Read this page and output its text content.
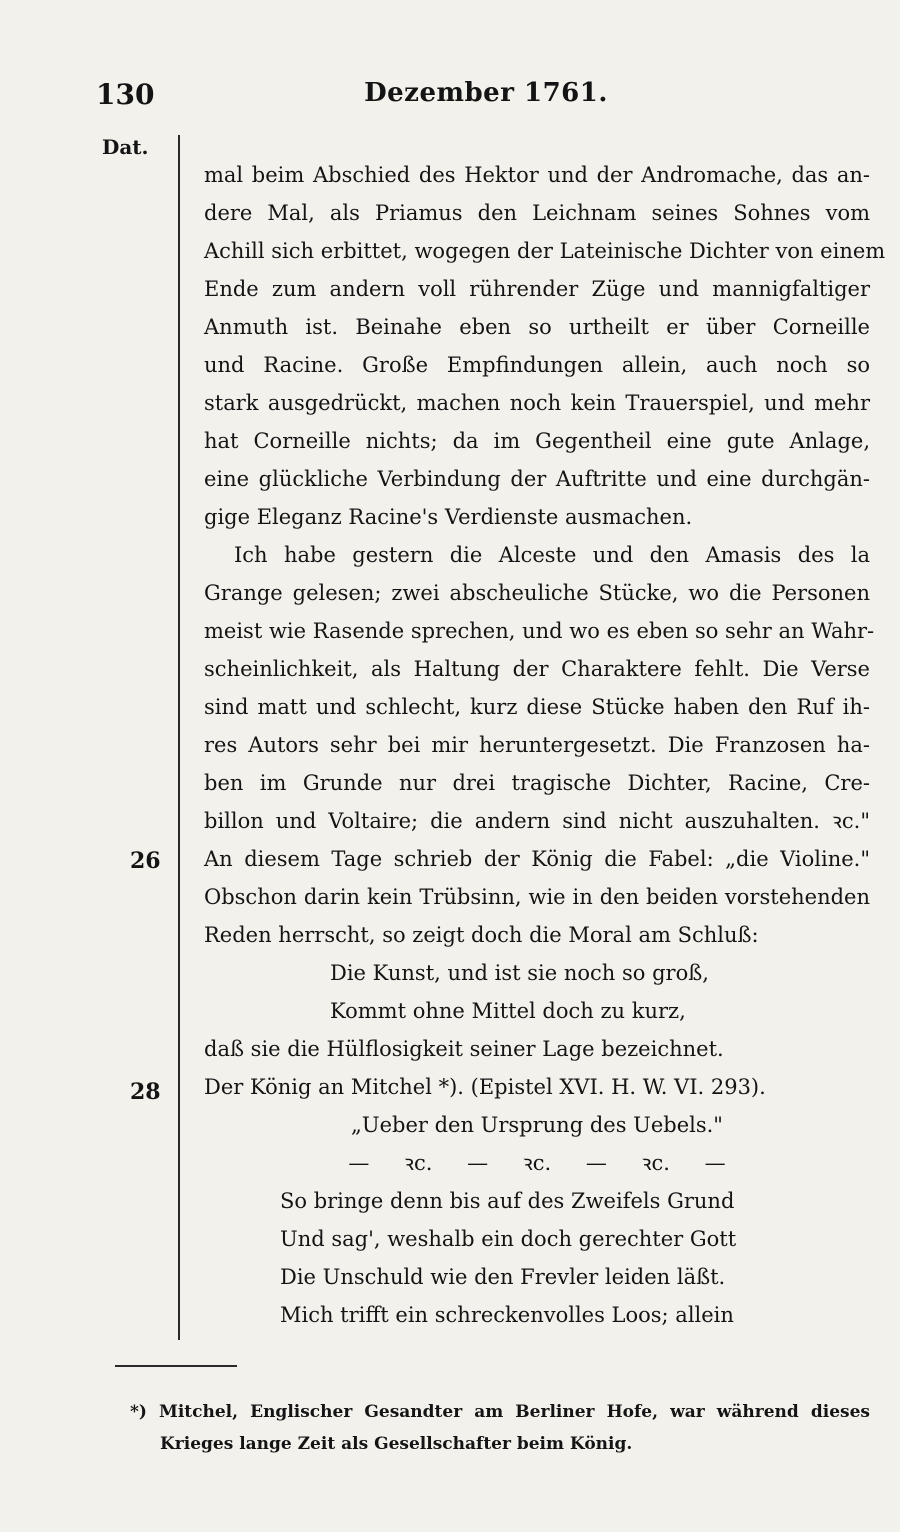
130	Dezember 1761.
Dat.
26
28
mal beim Abschied des Hektor und der Andromache, das an-
dere Mal, als Priamus den Leichnam seines Sohnes vom
Achill sich erbittet, wogegen der Lateinische Dichter von einem
Ende zum andern voll rührender Züge und mannigfaltiger
Anmuth ist. Beinahe eben so urtheilt er über Corneille
und Racine. Große Empfindungen allein, auch noch so
stark ausgedrückt, machen noch kein Trauerspiel, und mehr
hat Corneille nichts; da im Gegentheil eine gute Anlage,
eine glückliche Verbindung der Auftritte und eine durchgän-
gige Eleganz Racine's Verdienste ausmachen.
Ich habe gestern die Alceste und den Amasis des la
Grange gelesen; zwei abscheuliche Stücke, wo die Personen
meist wie Rasende sprechen, und wo es eben so sehr an Wahr-
scheinlichkeit, als Haltung der Charaktere fehlt. Die Verse
sind matt und schlecht, kurz diese Stücke haben den Ruf ih-
res Autors sehr bei mir heruntergesetzt. Die Franzosen ha-
ben im Grunde nur drei tragische Dichter, Racine, Cre-
billon und Voltaire; die andern sind nicht auszuhalten. ꝛc."
An diesem Tage schrieb der König die Fabel: „die Violine."
Obschon darin kein Trübsinn, wie in den beiden vorstehenden
Reden herrscht, so zeigt doch die Moral am Schluß:
Die Kunst, und ist sie noch so groß,
Kommt ohne Mittel doch zu kurz,
daß sie die Hülflosigkeit seiner Lage bezeichnet.
Der König an Mitchel *). (Epistel XVI. H. W. VI. 293).
„Ueber den Ursprung des Uebels."
— ꝛc. — ꝛc. — ꝛc. —
So bringe denn bis auf des Zweifels Grund
Und sag', weshalb ein doch gerechter Gott
Die Unschuld wie den Frevler leiden läßt.
Mich trifft ein schreckenvolles Loos; allein
*) Mitchel, Englischer Gesandter am Berliner Hofe, war während dieses
Krieges lange Zeit als Gesellschafter beim König.
